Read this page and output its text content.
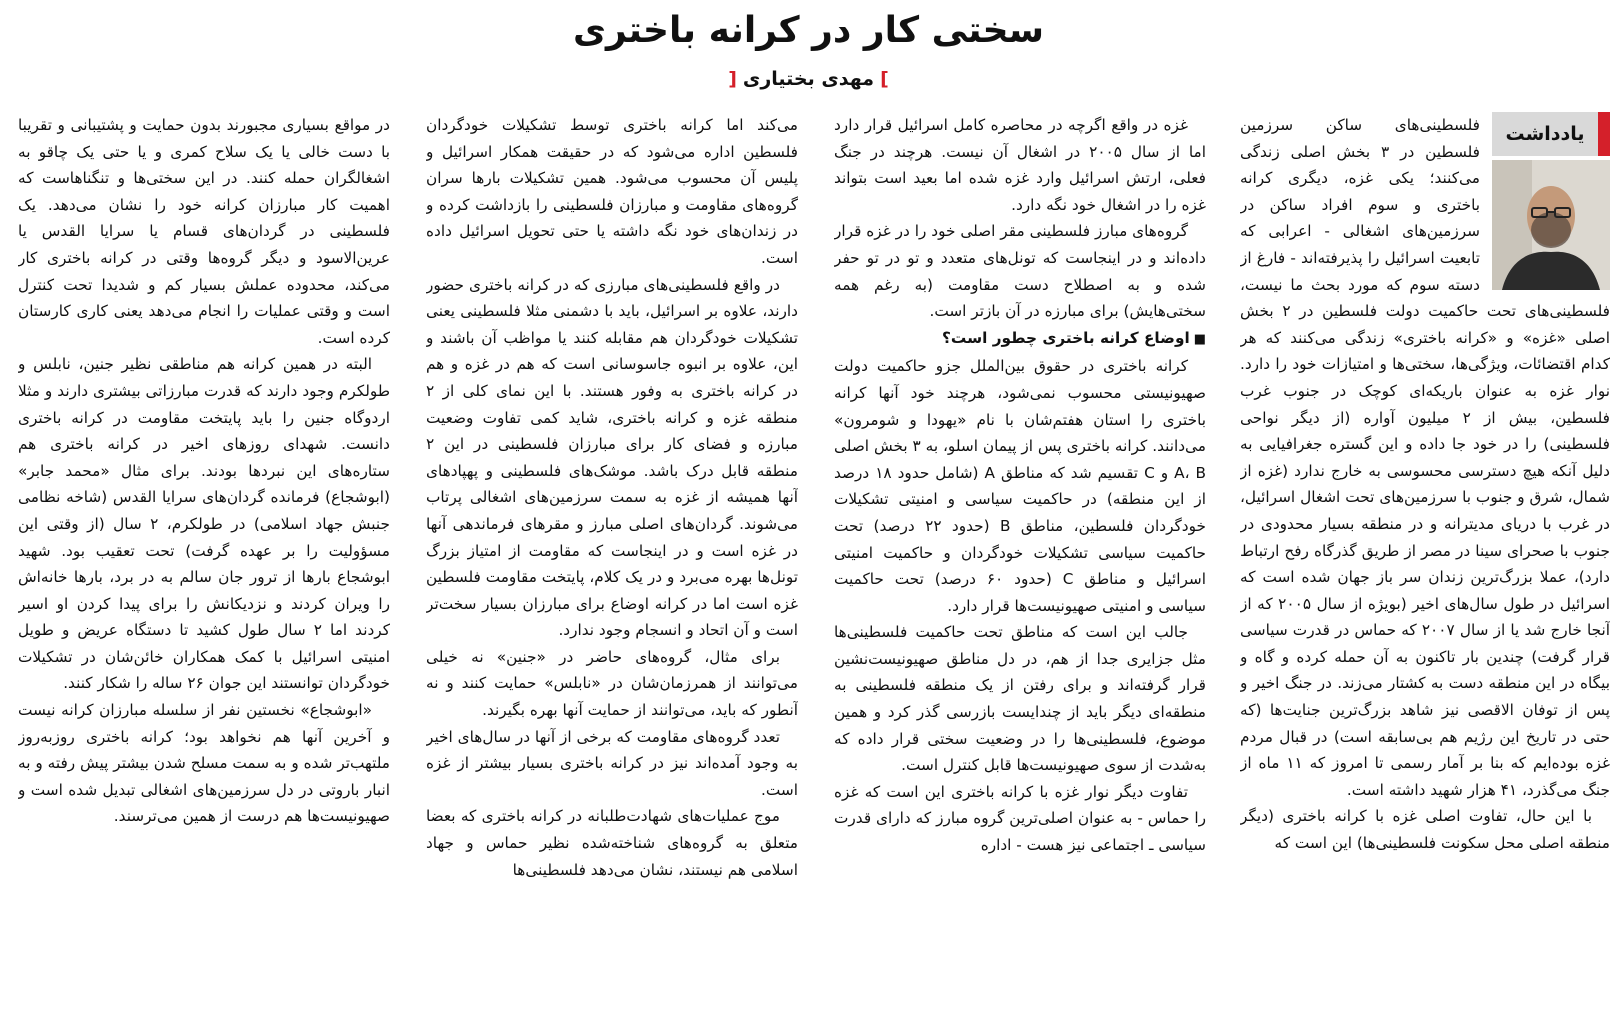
سختی کار در کرانه باختری
]مهدی بختیاری[
یادداشت

فلسطینی‌های ساکن سرزمین فلسطین در ۳ بخش اصلی زندگی می‌کنند؛ یکی غزه، دیگری کرانه باختری و سوم افراد ساکن در سرزمین‌های اشغالی - اعرابی که تابعیت اسرائیل را پذیرفته‌اند - فارغ از دسته سوم که مورد بحث ما نیست، فلسطینی‌های تحت حاکمیت دولت فلسطین در ۲ بخش اصلی «غزه» و «کرانه باختری» زندگی می‌کنند که هر کدام اقتضائات، ویژگی‌ها، سختی‌ها و امتیازات خود را دارد. نوار غزه به عنوان باریکه‌ای کوچک در جنوب غرب فلسطین، بیش از ۲ میلیون آواره (از دیگر نواحی فلسطینی) را در خود جا داده و این گستره جغرافیایی به دلیل آنکه هیچ دسترسی محسوسی به خارج ندارد (غزه از شمال، شرق و جنوب با سرزمین‌های تحت اشغال اسرائیل، در غرب با دریای مدیترانه و در منطقه بسیار محدودی در جنوب با صحرای سینا در مصر از طریق گذرگاه رفح ارتباط دارد)، عملا بزرگ‌ترین زندان سر باز جهان شده است که اسرائیل در طول سال‌های اخیر (بویژه از سال ۲۰۰۵ که از آنجا خارج شد یا از سال ۲۰۰۷ که حماس در قدرت سیاسی قرار گرفت) چندین بار تاکنون به آن حمله کرده و گاه و بیگاه در این منطقه دست به کشتار می‌زند. در جنگ اخیر و پس از توفان الاقصی نیز شاهد بزرگ‌ترین جنایت‌ها (که حتی در تاریخ این رژیم هم بی‌سابقه است) در قبال مردم غزه بوده‌ایم که بنا بر آمار رسمی تا امروز که ۱۱ ماه از جنگ می‌گذرد، ۴۱ هزار شهید داشته است.

با این حال، تفاوت اصلی غزه با کرانه باختری (دیگر منطقه اصلی محل سکونت فلسطینی‌ها) این است که

غزه در واقع اگرچه در محاصره کامل اسرائیل قرار دارد اما از سال ۲۰۰۵ در اشغال آن نیست. هرچند در جنگ فعلی، ارتش اسرائیل وارد غزه شده اما بعید است بتواند غزه را در اشغال خود نگه دارد.

گروه‌های مبارز فلسطینی مقر اصلی خود را در غزه قرار داده‌اند و در اینجاست که تونل‌های متعدد و تو در تو حفر شده و به اصطلاح دست مقاومت (به رغم همه سختی‌هایش) برای مبارزه در آن بازتر است.

■اوضاع کرانه باختری چطور است؟

کرانه باختری در حقوق بین‌الملل جزو حاکمیت دولت صهیونیستی محسوب نمی‌شود، هرچند خود آنها کرانه باختری را استان هفتم‌شان با نام «یهودا و شومرون» می‌دانند. کرانه باختری پس از پیمان اسلو، به ۳ بخش اصلی A، B و C تقسیم شد که مناطق A (شامل حدود ۱۸ درصد از این منطقه) در حاکمیت سیاسی و امنیتی تشکیلات خودگردان فلسطین، مناطق B (حدود ۲۲ درصد) تحت حاکمیت سیاسی تشکیلات خودگردان و حاکمیت امنیتی اسرائیل و مناطق C (حدود ۶۰ درصد) تحت حاکمیت سیاسی و امنیتی صهیونیست‌ها قرار دارد.

جالب این است که مناطق تحت حاکمیت فلسطینی‌ها مثل جزایری جدا از هم، در دل مناطق صهیونیست‌نشین قرار گرفته‌اند و برای رفتن از یک منطقه فلسطینی به منطقه‌ای دیگر باید از چندایست بازرسی گذر کرد و همین موضوع، فلسطینی‌ها را در وضعیت سختی قرار داده که به‌شدت از سوی صهیونیست‌ها قابل کنترل است.

تفاوت دیگر نوار غزه با کرانه باختری این است که غزه را حماس - به عنوان اصلی‌ترین گروه مبارز که دارای قدرت سیاسی ـ اجتماعی نیز هست - اداره

می‌کند اما کرانه باختری توسط تشکیلات خودگردان فلسطین اداره می‌شود که در حقیقت همکار اسرائیل و پلیس آن محسوب می‌شود. همین تشکیلات بارها سران گروه‌های مقاومت و مبارزان فلسطینی را بازداشت کرده و در زندان‌های خود نگه داشته یا حتی تحویل اسرائیل داده است.

در واقع فلسطینی‌های مبارزی که در کرانه باختری حضور دارند، علاوه بر اسرائیل، باید با دشمنی مثلا فلسطینی یعنی تشکیلات خودگردان هم مقابله کنند یا مواظب آن باشند و این، علاوه بر انبوه جاسوسانی است که هم در غزه و هم در کرانه باختری به وفور هستند. با این نمای کلی از ۲ منطقه غزه و کرانه باختری، شاید کمی تفاوت وضعیت مبارزه و فضای کار برای مبارزان فلسطینی در این ۲ منطقه قابل درک باشد. موشک‌های فلسطینی و پهپادهای آنها همیشه از غزه به سمت سرزمین‌های اشغالی پرتاب می‌شوند. گردان‌های اصلی مبارز و مقرهای فرماندهی آنها در غزه است و در اینجاست که مقاومت از امتیاز بزرگ تونل‌ها بهره می‌برد و در یک کلام، پایتخت مقاومت فلسطین غزه است اما در کرانه اوضاع برای مبارزان بسیار سخت‌تر است و آن اتحاد و انسجام وجود ندارد.

برای مثال، گروه‌های حاضر در «جنین» نه خیلی می‌توانند از همرزمان‌شان در «نابلس» حمایت کنند و نه آنطور که باید، می‌توانند از حمایت آنها بهره بگیرند.

تعدد گروه‌های مقاومت که برخی از آنها در سال‌های اخیر به وجود آمده‌اند نیز در کرانه باختری بسیار بیشتر از غزه است.

موج عملیات‌های شهادت‌طلبانه در کرانه باختری که بعضا متعلق به گروه‌های شناخته‌شده نظیر حماس و جهاد اسلامی هم نیستند، نشان می‌دهد فلسطینی‌ها

در مواقع بسیاری مجبورند بدون حمایت و پشتیبانی و تقریبا با دست خالی یا یک سلاح کمری و یا حتی یک چاقو به اشغالگران حمله کنند. در این سختی‌ها و تنگناهاست که اهمیت کار مبارزان کرانه خود را نشان می‌دهد. یک فلسطینی در گردان‌های قسام یا سرایا القدس یا عرین‌الاسود و دیگر گروه‌ها وقتی در کرانه باختری کار می‌کند، محدوده عملش بسیار کم و شدیدا تحت کنترل است و وقتی عملیات را انجام می‌دهد یعنی کاری کارستان کرده است.

البته در همین کرانه هم مناطقی نظیر جنین، نابلس و طولکرم وجود دارند که قدرت مبارزاتی بیشتری دارند و مثلا اردوگاه جنین را باید پایتخت مقاومت در کرانه باختری دانست. شهدای روزهای اخیر در کرانه باختری هم ستاره‌های این نبردها بودند. برای مثال «محمد جابر» (ابوشجاع) فرمانده گردان‌های سرایا القدس (شاخه نظامی جنبش جهاد اسلامی) در طولکرم، ۲ سال (از وقتی این مسؤولیت را بر عهده گرفت) تحت تعقیب بود. شهید ابوشجاع بارها از ترور جان سالم به در برد، بارها خانه‌اش را ویران کردند و نزدیکانش را برای پیدا کردن او اسیر کردند اما ۲ سال طول کشید تا دستگاه عریض و طویل امنیتی اسرائیل با کمک همکاران خائن‌شان در تشکیلات خودگردان توانستند این جوان ۲۶ ساله را شکار کنند.

«ابوشجاع» نخستین نفر از سلسله مبارزان کرانه نیست و آخرین آنها هم نخواهد بود؛ کرانه باختری روزبه‌روز ملتهب‌تر شده و به سمت مسلح شدن بیشتر پیش رفته و به انبار باروتی در دل سرزمین‌های اشغالی تبدیل شده است و صهیونیست‌ها هم درست از همین می‌ترسند.
